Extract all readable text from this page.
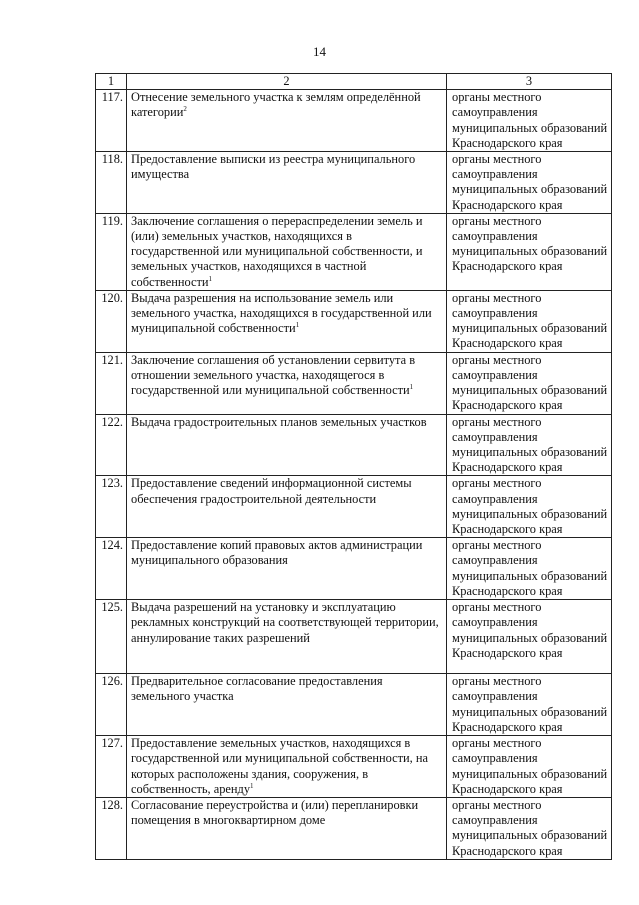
14
1	2	3
117.	Отнесение земельного участка к землям определённой категории$^2$	органы местного самоуправления муниципальных образований Краснодарского края
118.	Предоставление выписки из реестра муниципального имущества	органы местного самоуправления муниципальных образований Краснодарского края
119.	Заключение соглашения о перераспределении земель и (или) земельных участков, находящихся в государственной или муниципальной собственности, и земельных участков, находящихся в частной собственности$^1$	органы местного самоуправления муниципальных образований Краснодарского края
120.	Выдача разрешения на использование земель или земельного участка, находящихся в государственной или муниципальной собственности$^1$	органы местного самоуправления муниципальных образований Краснодарского края
121.	Заключение соглашения об установлении сервитута в отношении земельного участка, находящегося в государственной или муниципальной собственности$^1$	органы местного самоуправления муниципальных образований Краснодарского края
122.	Выдача градостроительных планов земельных участков	органы местного самоуправления муниципальных образований Краснодарского края
123.	Предоставление сведений информационной системы обеспечения градостроительной деятельности	органы местного самоуправления муниципальных образований Краснодарского края
124.	Предоставление копий правовых актов администрации муниципального образования	органы местного самоуправления муниципальных образований Краснодарского края
125.	Выдача разрешений на установку и эксплуатацию рекламных конструкций на соответствующей территории, аннулирование таких разрешений	органы местного самоуправления муниципальных образований Краснодарского края
126.	Предварительное согласование предоставления земельного участка	органы местного самоуправления муниципальных образований Краснодарского края
127.	Предоставление земельных участков, находящихся в государственной или муниципальной собственности, на которых расположены здания, сооружения, в собственность, аренду$^1$	органы местного самоуправления муниципальных образований Краснодарского края
128.	Согласование переустройства и (или) перепланировки помещения в многоквартирном доме	органы местного самоуправления муниципальных образований Краснодарского края
